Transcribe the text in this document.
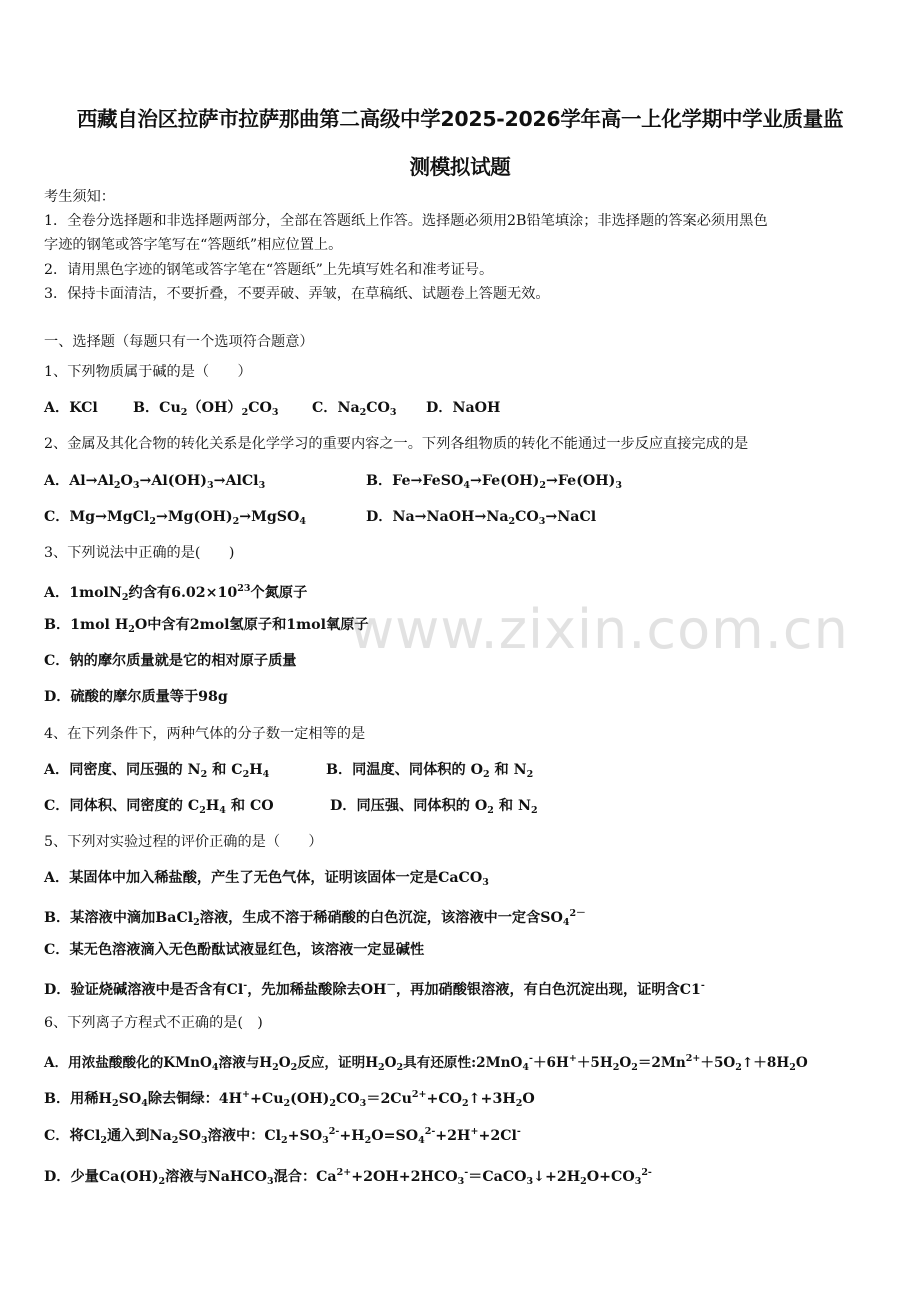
西藏自治区拉萨市拉萨那曲第二高级中学2025-2026学年高一上化学期中学业质量监
测模拟试题
考生须知：
1．全卷分选择题和非选择题两部分，全部在答题纸上作答。选择题必须用2B铅笔填涂；非选择题的答案必须用黑色
字迹的钢笔或答字笔写在“答题纸”相应位置上。
2．请用黑色字迹的钢笔或答字笔在“答题纸”上先填写姓名和准考证号。
3．保持卡面清洁，不要折叠，不要弄破、弄皱，在草稿纸、试题卷上答题无效。
一、选择题（每题只有一个选项符合题意）
1、下列物质属于碱的是（　　）
A．KCl B．$Cu_2(OH)_2CO_3$ C．$Na_2CO_3$ D．NaOH
2、金属及其化合物的转化关系是化学学习的重要内容之一。下列各组物质的转化不能通过一步反应直接完成的是
A．$Al\to Al_2O_3\to Al(OH)_3\to AlCl_3$	B．$Fe\to FeSO_4\to Fe(OH)_2\to Fe(OH)_3$
C．$Mg\to MgCl_2\to Mg(OH)_2\to MgSO_4$	D．$Na\to NaOH\to Na_2CO_3\to NaCl$
3、下列说法中正确的是(　　)
A．1molN$_2$约含有$6.02\times 10^{23}$个氮原子
B．1mol $H_2O$中含有2mol氢原子和1mol氧原子
C．钠的摩尔质量就是它的相对原子质量
D．硫酸的摩尔质量等于98g
4、在下列条件下，两种气体的分子数一定相等的是
A．同密度、同压强的 $N_2$ 和 $C_2H_4$	B．同温度、同体积的 $O_2$ 和 $N_2$
C．同体积、同密度的 $C_2H_4$ 和 CO	D．同压强、同体积的 $O_2$ 和 $N_2$
5、下列对实验过程的评价正确的是（　　）
A．某固体中加入稀盐酸，产生了无色气体，证明该固体一定是CaCO$_3$
B．某溶液中滴加BaCl$_2$溶液，生成不溶于稀硝酸的白色沉淀，该溶液中一定含$SO_4^{2-}$
C．某无色溶液滴入无色酚酞试液显红色，该溶液一定显碱性
D．验证烧碱溶液中是否含有Cl-，先加稀盐酸除去OH－，再加硝酸银溶液，有白色沉淀出现，证明含C1-
6、下列离子方程式不正确的是(　)
A．用浓盐酸酸化的KMnO$_4$溶液与$H_2O_2$反应，证明$H_2O_2$具有还原性$:2MnO_4^-+6H^++5H_2O_2=2Mn^{2+}+5O_2↑+8H_2O$
B．用稀$H_2SO_4$除去铜绿：$4H^++Cu_2(OH)_2CO_3=2Cu^{2+}+CO_2↑+3H_2O$
C．将$Cl_2$通入到$Na_2SO_3$溶液中：$Cl_2+SO_3^{2-}+H_2O=SO_4^{2-}+2H^++2Cl^-$
D．少量$Ca(OH)_2$溶液与NaHCO$_3$混合：$Ca^{2+}+2OH+2HCO_3^-=CaCO_3↓+2H_2O+CO_3^{2-}$
www.zixin.com.cn
